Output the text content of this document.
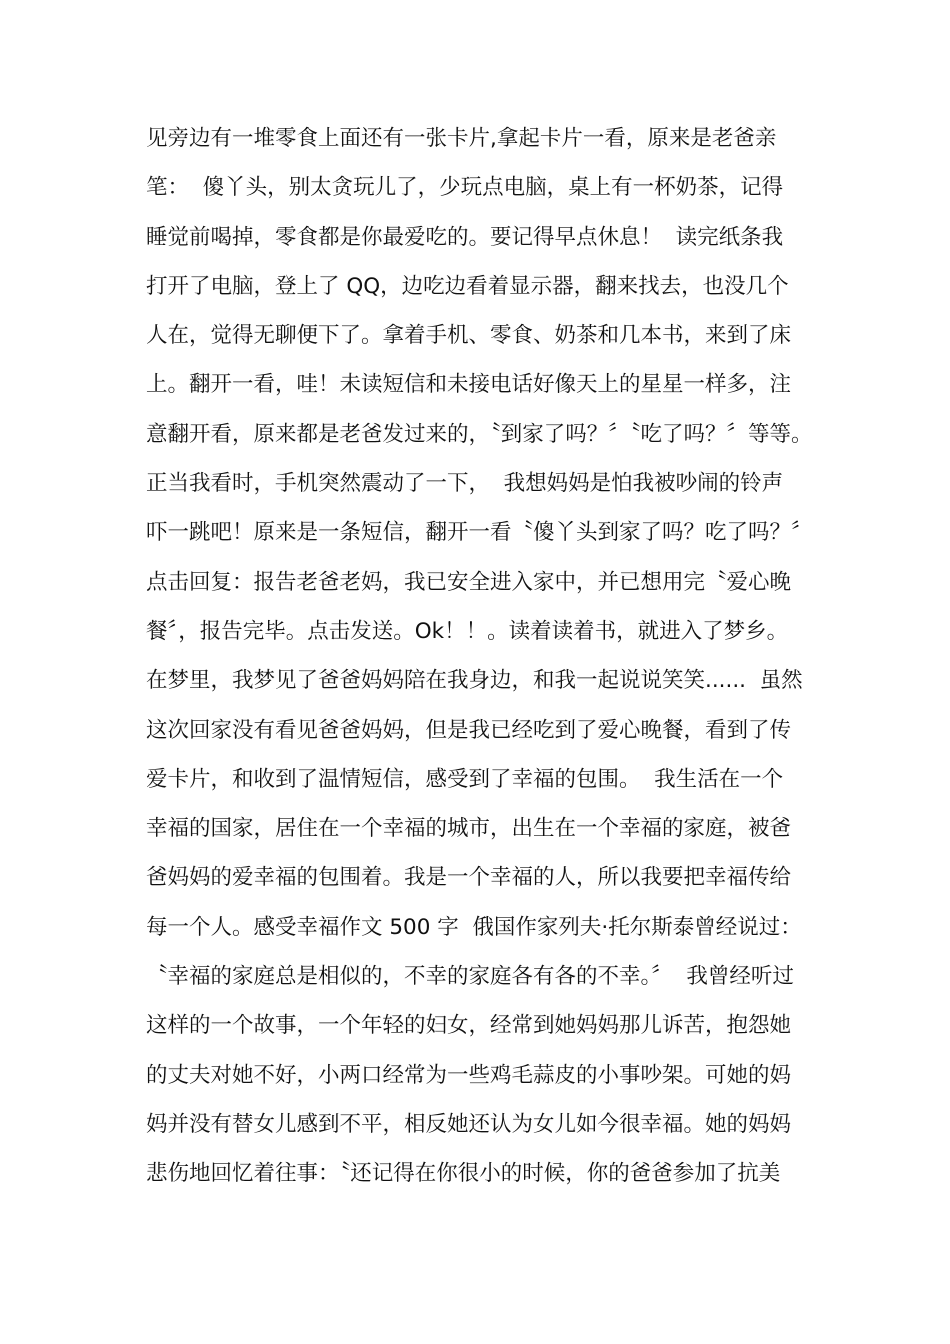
见旁边有一堆零食上面还有一张卡片,拿起卡片一看，原来是老爸亲
笔：  傻丫头，别太贪玩儿了，少玩点电脑，桌上有一杯奶茶，记得
睡觉前喝掉，零食都是你最爱吃的。要记得早点休息！  读完纸条我
打开了电脑，登上了 QQ，边吃边看着显示器，翻来找去，也没几个
人在，觉得无聊便下了。拿着手机、零食、奶茶和几本书，来到了床
上。翻开一看，哇！未读短信和未接电话好像天上的星星一样多，注
意翻开看，原来都是老爸发过来的，〝到家了吗？〞〝吃了吗？〞等等。
正当我看时，手机突然震动了一下，  我想妈妈是怕我被吵闹的铃声
吓一跳吧！原来是一条短信，翻开一看〝傻丫头到家了吗？吃了吗？〞
点击回复：报告老爸老妈，我已安全进入家中，并已想用完〝爱心晚
餐〞，报告完毕。点击发送。Ok！！。读着读着书，就进入了梦乡。
在梦里，我梦见了爸爸妈妈陪在我身边，和我一起说说笑笑......  虽然
这次回家没有看见爸爸妈妈，但是我已经吃到了爱心晚餐，看到了传
爱卡片，和收到了温情短信，感受到了幸福的包围。  我生活在一个
幸福的国家，居住在一个幸福的城市，出生在一个幸福的家庭，被爸
爸妈妈的爱幸福的包围着。我是一个幸福的人，所以我要把幸福传给
每一个人。感受幸福作文 500 字  俄国作家列夫·托尔斯泰曾经说过：
〝幸福的家庭总是相似的，不幸的家庭各有各的不幸。〞  我曾经听过
这样的一个故事，一个年轻的妇女，经常到她妈妈那儿诉苦，抱怨她
的丈夫对她不好，小两口经常为一些鸡毛蒜皮的小事吵架。可她的妈
妈并没有替女儿感到不平，相反她还认为女儿如今很幸福。她的妈妈
悲伤地回忆着往事：〝还记得在你很小的时候，你的爸爸参加了抗美
